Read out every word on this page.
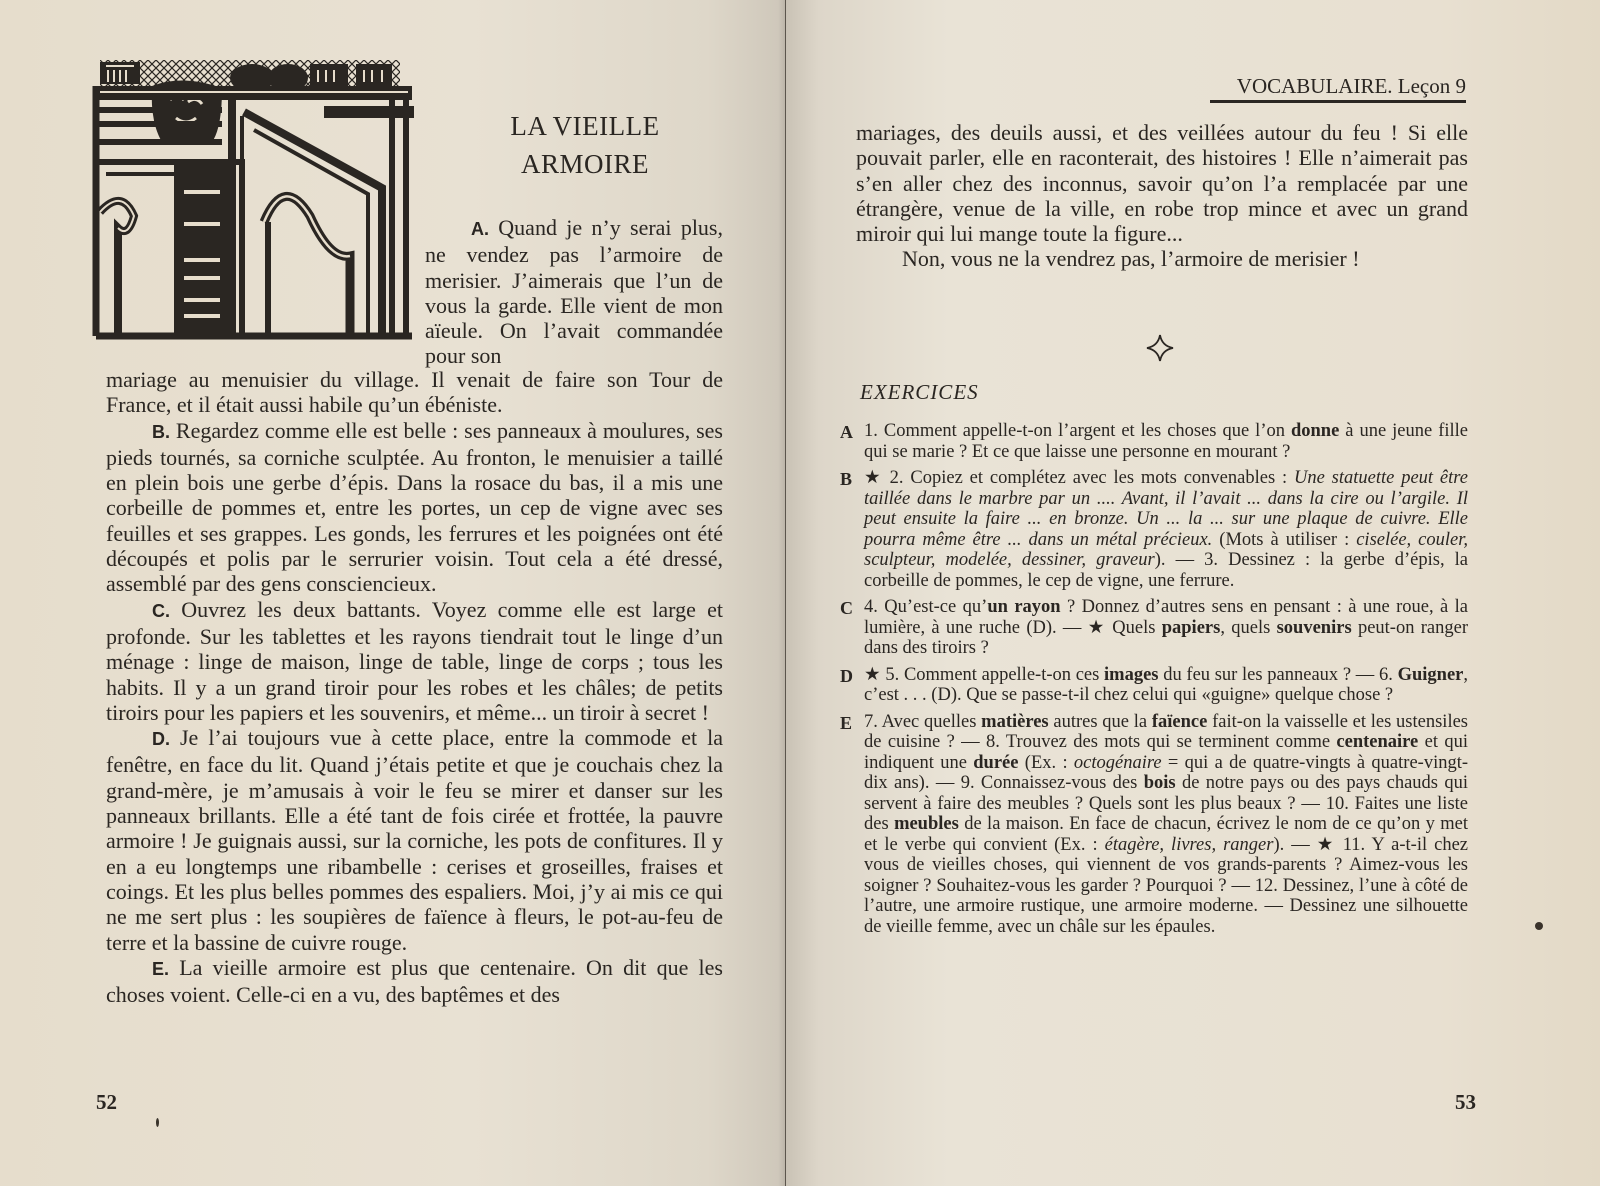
LA VIEILLE
ARMOIRE

A. Quand je n’y serai plus, ne vendez pas l’armoire de merisier. J’aimerais que l’un de vous la garde. Elle vient de mon aïeule. On l’avait commandée pour son

mariage au menuisier du village. Il venait de faire son Tour de France, et il était aussi habile qu’un ébéniste.

B. Regardez comme elle est belle : ses panneaux à moulures, ses pieds tournés, sa corniche sculptée. Au fronton, le menuisier a taillé en plein bois une gerbe d’épis. Dans la rosace du bas, il a mis une corbeille de pommes et, entre les portes, un cep de vigne avec ses feuilles et ses grappes. Les gonds, les ferrures et les poignées ont été découpés et polis par le serrurier voisin. Tout cela a été dressé, assemblé par des gens consciencieux.

C. Ouvrez les deux battants. Voyez comme elle est large et profonde. Sur les tablettes et les rayons tiendrait tout le linge d’un ménage : linge de maison, linge de table, linge de corps ; tous les habits. Il y a un grand tiroir pour les robes et les châles; de petits tiroirs pour les papiers et les souvenirs, et même... un tiroir à secret !

D. Je l’ai toujours vue à cette place, entre la commode et la fenêtre, en face du lit. Quand j’étais petite et que je couchais chez la grand-mère, je m’amusais à voir le feu se mirer et danser sur les panneaux brillants. Elle a été tant de fois cirée et frottée, la pauvre armoire ! Je guignais aussi, sur la corniche, les pots de confitures. Il y en a eu longtemps une ribambelle : cerises et groseilles, fraises et coings. Et les plus belles pommes des espaliers. Moi, j’y ai mis ce qui ne me sert plus : les soupières de faïence à fleurs, le pot-au-feu de terre et la bassine de cuivre rouge.

E. La vieille armoire est plus que centenaire. On dit que les choses voient. Celle-ci en a vu, des baptêmes et des

52
VOCABULAIRE. Leçon 9

mariages, des deuils aussi, et des veillées autour du feu ! Si elle pouvait parler, elle en raconterait, des histoires ! Elle n’aimerait pas s’en aller chez des inconnus, savoir qu’on l’a remplacée par une étrangère, venue de la ville, en robe trop mince et avec un grand miroir qui lui mange toute la figure...

Non, vous ne la vendrez pas, l’armoire de merisier !

EXERCICES
A 1. Comment appelle-t-on l’argent et les choses que l’on donne à une jeune fille qui se marie ? Et ce que laisse une personne en mourant ?
B ★ 2. Copiez et complétez avec les mots convenables : Une statuette peut être taillée dans le marbre par un .... Avant, il l’avait ... dans la cire ou l’argile. Il peut ensuite la faire ... en bronze. Un ... la ... sur une plaque de cuivre. Elle pourra même être ... dans un métal précieux. (Mots à utiliser : ciselée, couler, sculpteur, modelée, dessiner, graveur). — 3. Dessinez : la gerbe d’épis, la corbeille de pommes, le cep de vigne, une ferrure.
C 4. Qu’est-ce qu’un rayon ? Donnez d’autres sens en pensant : à une roue, à la lumière, à une ruche (D). — ★ Quels papiers, quels souvenirs peut-on ranger dans des tiroirs ?
D ★ 5. Comment appelle-t-on ces images du feu sur les panneaux ? — 6. Guigner, c’est . . . (D). Que se passe-t-il chez celui qui «guigne» quelque chose ?
E 7. Avec quelles matières autres que la faïence fait-on la vaisselle et les ustensiles de cuisine ? — 8. Trouvez des mots qui se terminent comme centenaire et qui indiquent une durée (Ex. : octogénaire = qui a de quatre-vingts à quatre-vingt-dix ans). — 9. Connaissez-vous des bois de notre pays ou des pays chauds qui servent à faire des meubles ? Quels sont les plus beaux ? — 10. Faites une liste des meubles de la maison. En face de chacun, écrivez le nom de ce qu’on y met et le verbe qui convient (Ex. : étagère, livres, ranger). — ★ 11. Y a-t-il chez vous de vieilles choses, qui viennent de vos grands-parents ? Aimez-vous les soigner ? Souhaitez-vous les garder ? Pourquoi ? — 12. Dessinez, l’une à côté de l’autre, une armoire rustique, une armoire moderne. — Dessinez une silhouette de vieille femme, avec un châle sur les épaules.
53
